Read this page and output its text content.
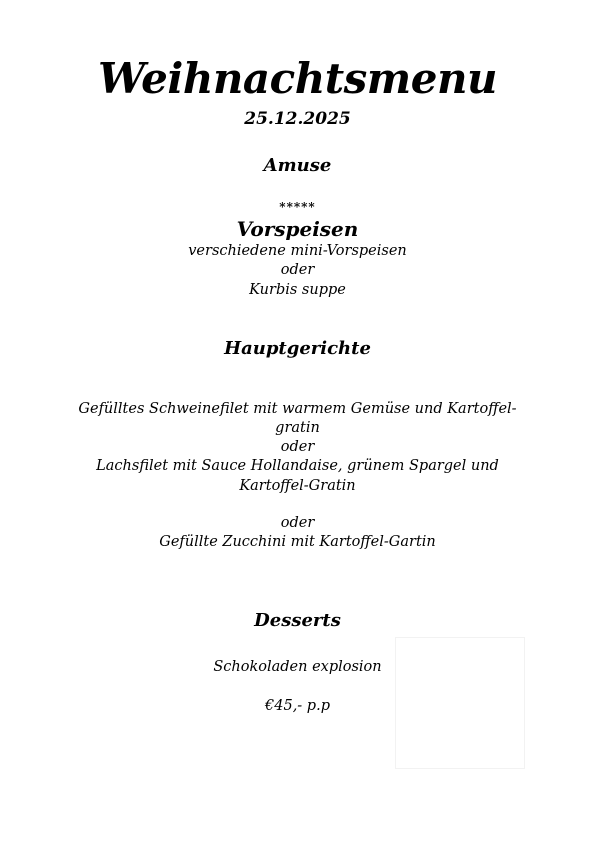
Weihnachtsmenu
25.12.2025
Amuse
*****
Vorspeisen
verschiedene mini-Vorspeisen
oder
Kurbis suppe
Hauptgerichte
Gefülltes Schweinefilet mit warmem Gemüse und Kartoffel-
gratin
oder
Lachsfilet mit Sauce Hollandaise, grünem Spargel und
Kartoffel-Gratin
oder
Gefüllte Zucchini mit Kartoffel-Gartin
Desserts
Schokoladen explosion
€45,- p.p
